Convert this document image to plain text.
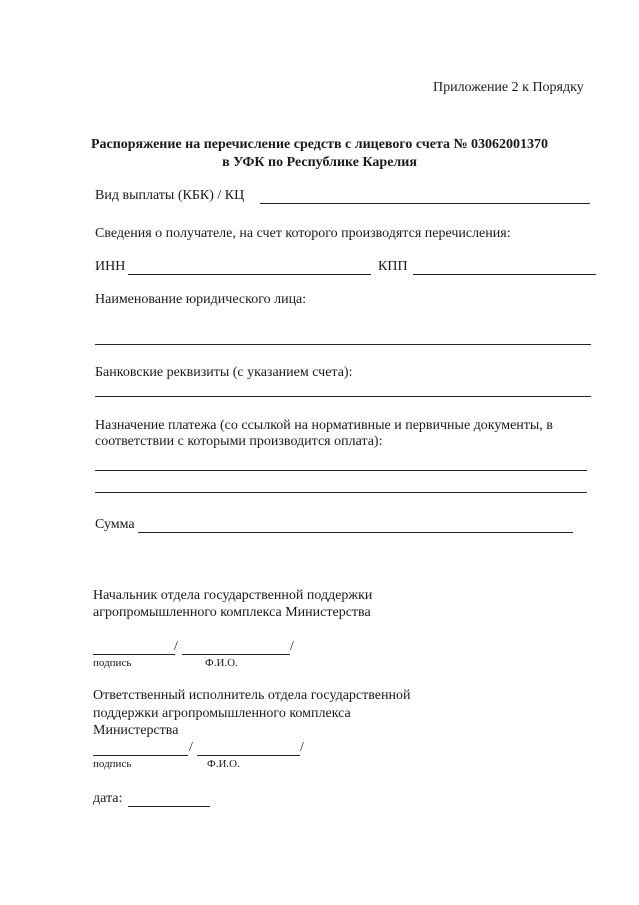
Приложение 2 к Порядку
Распоряжение на перечисление средств с лицевого счета № 03062001370
в УФК по Республике Карелия
Вид выплаты (КБК) / КЦ
Сведения о получателе, на счет которого производятся перечисления:
ИНН	КПП
Наименование юридического лица:
Банковские реквизиты (с указанием счета):
Назначение платежа (со ссылкой на нормативные и первичные документы, в
соответствии с которыми производится оплата):
Сумма
Начальник отдела государственной поддержки
агропромышленного комплекса Министерства
/	/
подпись	Ф.И.О.
Ответственный исполнитель отдела государственной
поддержки агропромышленного комплекса
Министерства
/	/
подпись	Ф.И.О.
дата:
